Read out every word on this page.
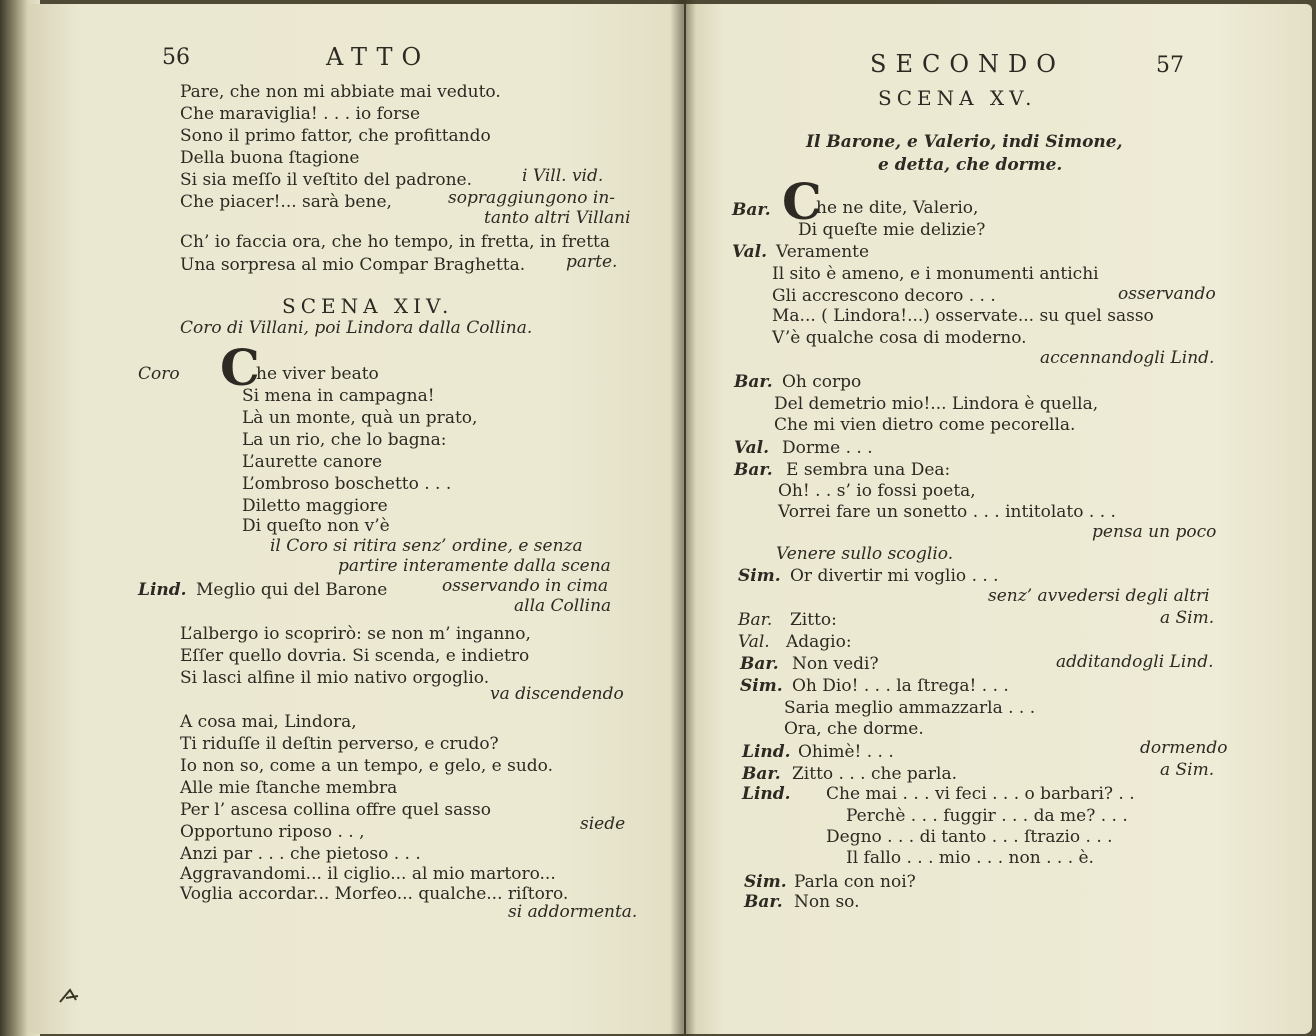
56	ATTO
Pare, che non mi abbiate mai veduto.
Che maraviglia! . . . io forse
Sono il primo fattor, che profittando
Della buona ſtagione
Si sia meſſo il veſtito del padrone.	i Vill. vid.
Che piacer!... sarà bene,	sopraggiungono in-
tanto altri Villani
Ch’ io faccia ora, che ho tempo, in fretta, in fretta
Una sorpresa al mio Compar Braghetta. parte.
SCENA XIV.
Coro di Villani, poi Lindora dalla Collina.
Coro C
he viver beato
Si mena in campagna!
Là un monte, quà un prato,
La un rio, che lo bagna:
L’aurette canore
L’ombroso boschetto . . .
Diletto maggiore
Di queſto non v’è
il Coro si ritira senz’ ordine, e senza
partire interamente dalla scena
Lind. Meglio qui del Barone	osservando in cima
alla Collina
L’albergo io scoprirò: se non m’ inganno,
Eſſer quello dovria. Si scenda, e indietro
Si lasci alfine il mio nativo orgoglio.
va discendendo
A cosa mai, Lindora,
Ti riduſſe il deſtin perverso, e crudo?
Io non so, come a un tempo, e gelo, e sudo.
Alle mie ſtanche membra
Per l’ ascesa collina offre quel sasso
siede
Opportuno riposo . . ,
Anzi par . . . che pietoso . . .
Aggravandomi... il ciglio... al mio martoro...
Voglia accordar... Morfeo... qualche... riſtoro.
si addormenta.
SECONDO	57
SCENA XV.
Il Barone, e Valerio, indi Simone,
e detta, che dorme.
Bar. C
he ne dite, Valerio,
Di queſte mie delizie?
Val. Veramente
Il sito è ameno, e i monumenti antichi
Gli accrescono decoro . . .	osservando
Ma... ( Lindora!...) osservate... su quel sasso
V’è qualche cosa di moderno.
accennandogli Lind.
Bar. Oh corpo
Del demetrio mio!... Lindora è quella,
Che mi vien dietro come pecorella.
Val. Dorme . . .
Bar. E sembra una Dea:
Oh! . . s’ io fossi poeta,
Vorrei fare un sonetto . . . intitolato . . .
pensa un poco
Venere sullo scoglio.
Sim. Or divertir mi voglio . . .
senz’ avvedersi degli altri
Bar. Zitto:	a Sim.
Val. Adagio:
Bar. Non vedi?	additandogli Lind.
Sim. Oh Dio! . . . la ſtrega! . . .
Saria meglio ammazzarla . . .
Ora, che dorme.
Lind. Ohimè! . . .	dormendo
Bar. Zitto . . . che parla.	a Sim.
Lind. Che mai . . . vi feci . . . o barbari? . .
Perchè . . . fuggir . . . da me? . . .
Degno . . . di tanto . . . ſtrazio . . .
Il fallo . . . mio . . . non . . . è.
Sim. Parla con noi?
Bar. Non so.
